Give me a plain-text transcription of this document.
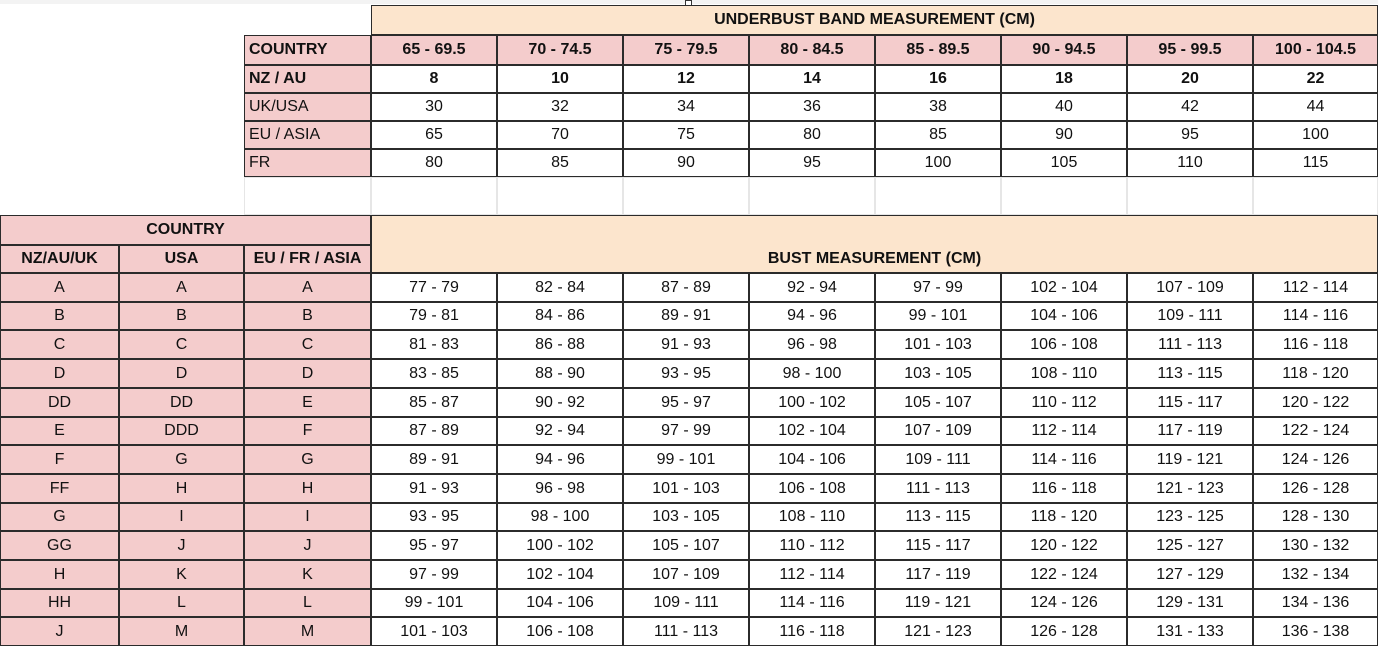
UNDERBUST BAND MEASUREMENT (CM)
COUNTRY	65 - 69.5	70 - 74.5	75 - 79.5	80 - 84.5	85 - 89.5	90 - 94.5	95 - 99.5	100 - 104.5
NZ / AU	8	10	12	14	16	18	20	22
UK/USA	30	32	34	36	38	40	42	44
EU / ASIA	65	70	75	80	85	90	95	100
FR	80	85	90	95	100	105	110	115
COUNTRY
BUST MEASUREMENT (CM)
NZ/AU/UK	USA	EU / FR / ASIA
A	A	A	77 - 79	82 - 84	87 - 89	92 - 94	97 - 99	102 - 104	107 - 109	112 - 114
B	B	B	79 - 81	84 - 86	89 - 91	94 - 96	99 - 101	104 - 106	109 - 111	114 - 116
C	C	C	81 - 83	86 - 88	91 - 93	96 - 98	101 - 103	106 - 108	111 - 113	116 - 118
D	D	D	83 - 85	88 - 90	93 - 95	98 - 100	103 - 105	108 - 110	113 - 115	118 - 120
DD	DD	E	85 - 87	90 - 92	95 - 97	100 - 102	105 - 107	110 - 112	115 - 117	120 - 122
E	DDD	F	87 - 89	92 - 94	97 - 99	102 - 104	107 - 109	112 - 114	117 - 119	122 - 124
F	G	G	89 - 91	94 - 96	99 - 101	104 - 106	109 - 111	114 - 116	119 - 121	124 - 126
FF	H	H	91 - 93	96 - 98	101 - 103	106 - 108	111 - 113	116 - 118	121 - 123	126 - 128
G	I	I	93 - 95	98 - 100	103 - 105	108 - 110	113 - 115	118 - 120	123 - 125	128 - 130
GG	J	J	95 - 97	100 - 102	105 - 107	110 - 112	115 - 117	120 - 122	125 - 127	130 - 132
H	K	K	97 - 99	102 - 104	107 - 109	112 - 114	117 - 119	122 - 124	127 - 129	132 - 134
HH	L	L	99 - 101	104 - 106	109 - 111	114 - 116	119 - 121	124 - 126	129 - 131	134 - 136
J	M	M	101 - 103	106 - 108	111 - 113	116 - 118	121 - 123	126 - 128	131 - 133	136 - 138
